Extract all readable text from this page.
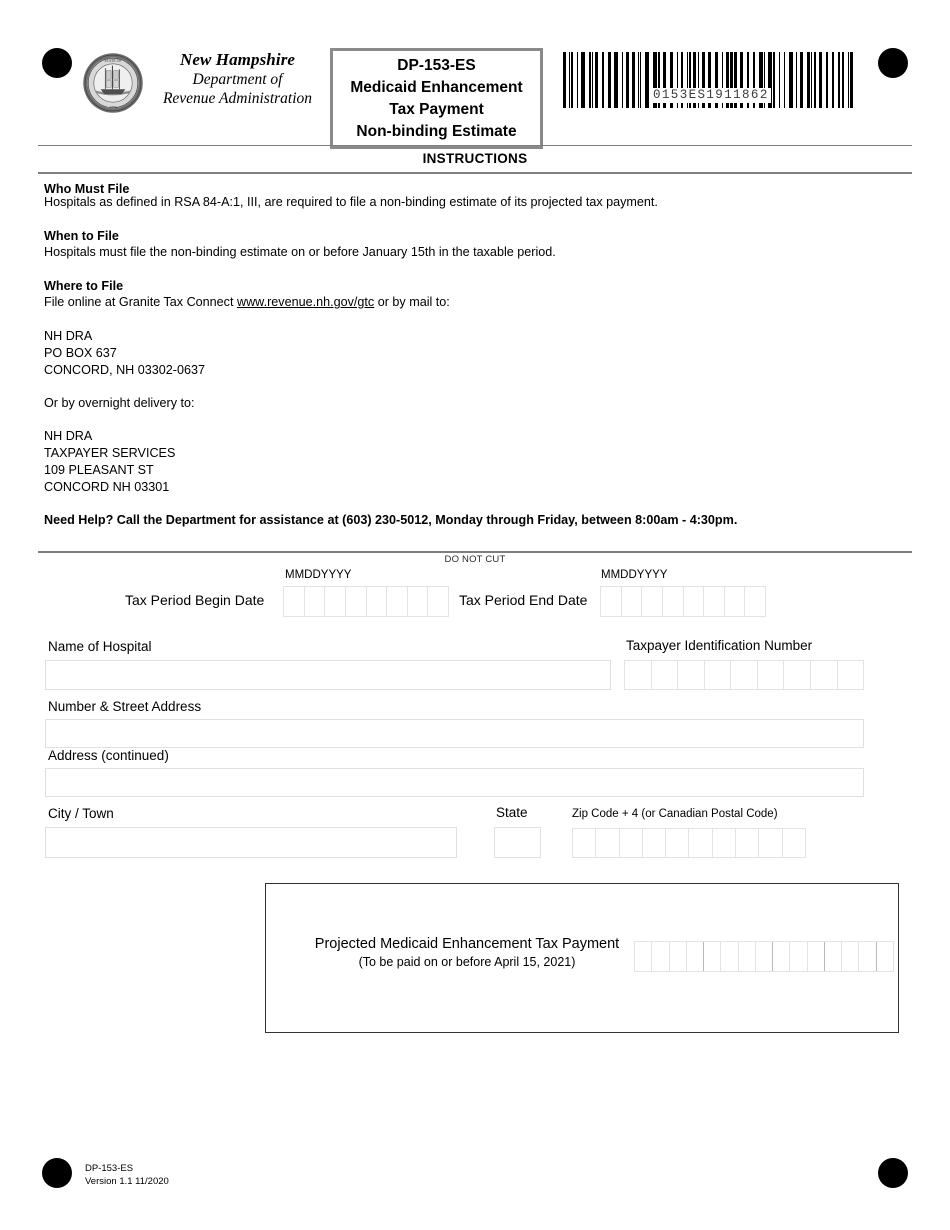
STATE OF
1776
New Hampshire
Department of
Revenue Administration
DP-153-ES
Medicaid Enhancement
Tax Payment
Non-binding Estimate
0153ES1911862
INSTRUCTIONS
Who Must File
Hospitals as defined in RSA 84-A:1, III, are required to file a non-binding estimate of its projected tax payment.
When to File
Hospitals must file the non-binding estimate on or before January 15th in the taxable period.
Where to File
File online at Granite Tax Connect www.revenue.nh.gov/gtc or by mail to:
NH DRA
PO BOX 637
CONCORD, NH 03302-0637
Or by overnight delivery to:
NH DRA
TAXPAYER SERVICES
109 PLEASANT ST
CONCORD NH 03301
Need Help? Call the Department for assistance at (603) 230-5012, Monday through Friday, between 8:00am - 4:30pm.
DO NOT CUT
MMDDYYYY
Tax Period Begin Date
MMDDYYYY
Tax Period End Date
Name of Hospital	Taxpayer Identification Number
Number & Street Address
Address (continued)
City / Town	State	Zip Code + 4 (or Canadian Postal Code)
Projected Medicaid Enhancement Tax Payment
(To be paid on or before April 15, 2021)
DP-153-ES
Version 1.1 11/2020
